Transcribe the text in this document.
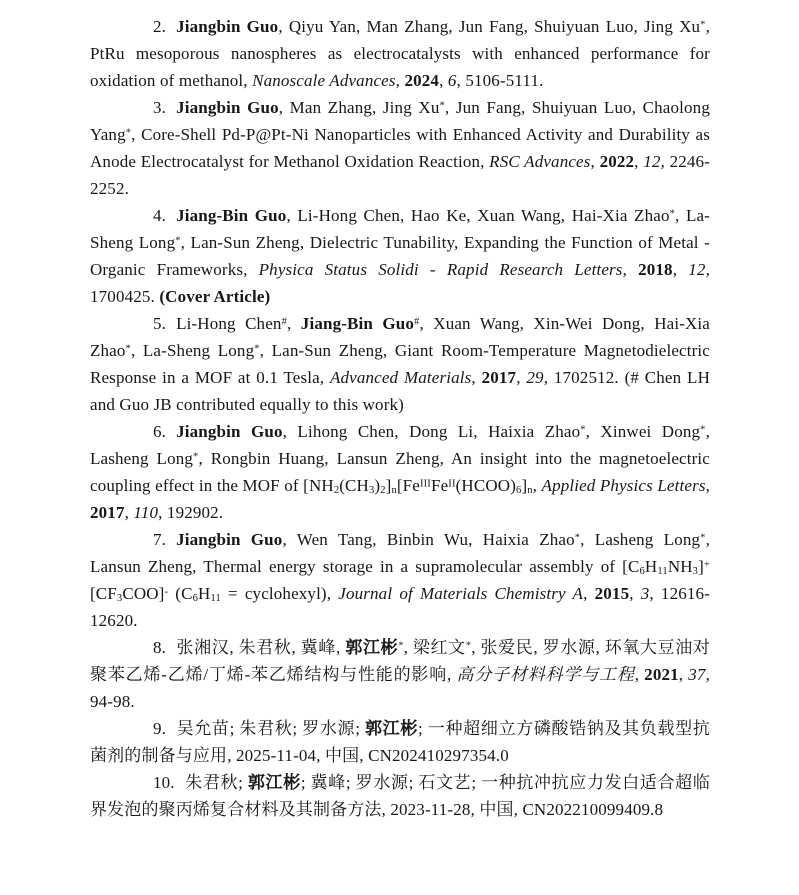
2. Jiangbin Guo, Qiyu Yan, Man Zhang, Jun Fang, Shuiyuan Luo, Jing Xu*, PtRu mesoporous nanospheres as electrocatalysts with enhanced performance for oxidation of methanol, Nanoscale Advances, 2024, 6, 5106-5111.

3. Jiangbin Guo, Man Zhang, Jing Xu*, Jun Fang, Shuiyuan Luo, Chaolong Yang*, Core-Shell Pd-P@Pt-Ni Nanoparticles with Enhanced Activity and Durability as Anode Electrocatalyst for Methanol Oxidation Reaction, RSC Advances, 2022, 12, 2246-2252.

4. Jiang-Bin Guo, Li-Hong Chen, Hao Ke, Xuan Wang, Hai-Xia Zhao*, La-Sheng Long*, Lan-Sun Zheng, Dielectric Tunability, Expanding the Function of Metal - Organic Frameworks, Physica Status Solidi - Rapid Research Letters, 2018, 12, 1700425. (Cover Article)

5. Li-Hong Chen#, Jiang-Bin Guo#, Xuan Wang, Xin-Wei Dong, Hai-Xia Zhao*, La-Sheng Long*, Lan-Sun Zheng, Giant Room-Temperature Magnetodielectric Response in a MOF at 0.1 Tesla, Advanced Materials, 2017, 29, 1702512. (# Chen LH and Guo JB contributed equally to this work)

6. Jiangbin Guo, Lihong Chen, Dong Li, Haixia Zhao*, Xinwei Dong*, Lasheng Long*, Rongbin Huang, Lansun Zheng, An insight into the magnetoelectric coupling effect in the MOF of $[NH2(CH3)2]n[Fe^{III}Fe^{II}(HCOO)6]n$, Applied Physics Letters, 2017, 110, 192902.

7. Jiangbin Guo, Wen Tang, Binbin Wu, Haixia Zhao*, Lasheng Long*, Lansun Zheng, Thermal energy storage in a supramolecular assembly of [C6H11NH3]+ [CF3COO]- (C6H11 = cyclohexyl), Journal of Materials Chemistry A, 2015, 3, 12616-12620.

8. 张湘汉, 朱君秋, 冀峰, 郭江彬*, 梁红文*, 张爱民, 罗水源, 环氧大豆油对聚苯乙烯-乙烯/丁烯-苯乙烯结构与性能的影响, 高分子材料科学与工程, 2021, 37, 94-98.

9. 吴允苗; 朱君秋; 罗水源; 郭江彬; 一种超细立方磷酸锆钠及其负载型抗菌剂的制备与应用, 2025-11-04, 中国, CN202410297354.0

10. 朱君秋; 郭江彬; 冀峰; 罗水源; 石文艺; 一种抗冲抗应力发白适合超临界发泡的聚丙烯复合材料及其制备方法, 2023-11-28, 中国, CN202210099409.8
